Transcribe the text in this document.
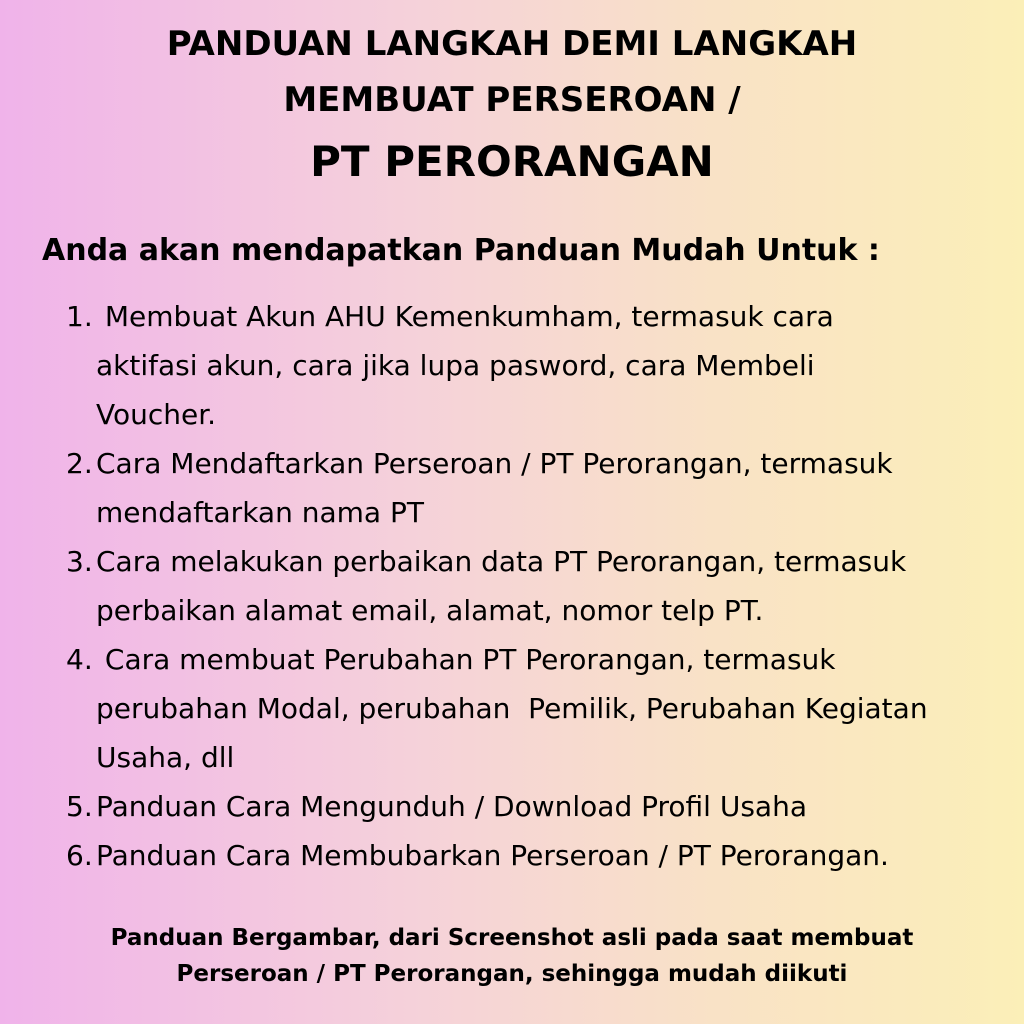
PANDUAN LANGKAH DEMI LANGKAH
MEMBUAT PERSEROAN /
PT PERORANGAN
Anda akan mendapatkan Panduan Mudah Untuk :
1. Membuat Akun AHU Kemenkumham, termasuk cara
aktifasi akun, cara jika lupa pasword, cara Membeli
Voucher.
2. Cara Mendaftarkan Perseroan / PT Perorangan, termasuk
mendaftarkan nama PT
3. Cara melakukan perbaikan data PT Perorangan, termasuk
perbaikan alamat email, alamat, nomor telp PT.
4. Cara membuat Perubahan PT Perorangan, termasuk
perubahan Modal, perubahan  Pemilik, Perubahan Kegiatan
Usaha, dll
5. Panduan Cara Mengunduh / Download Profil Usaha
6. Panduan Cara Membubarkan Perseroan / PT Perorangan.
Panduan Bergambar, dari Screenshot asli pada saat membuat
Perseroan / PT Perorangan, sehingga mudah diikuti
